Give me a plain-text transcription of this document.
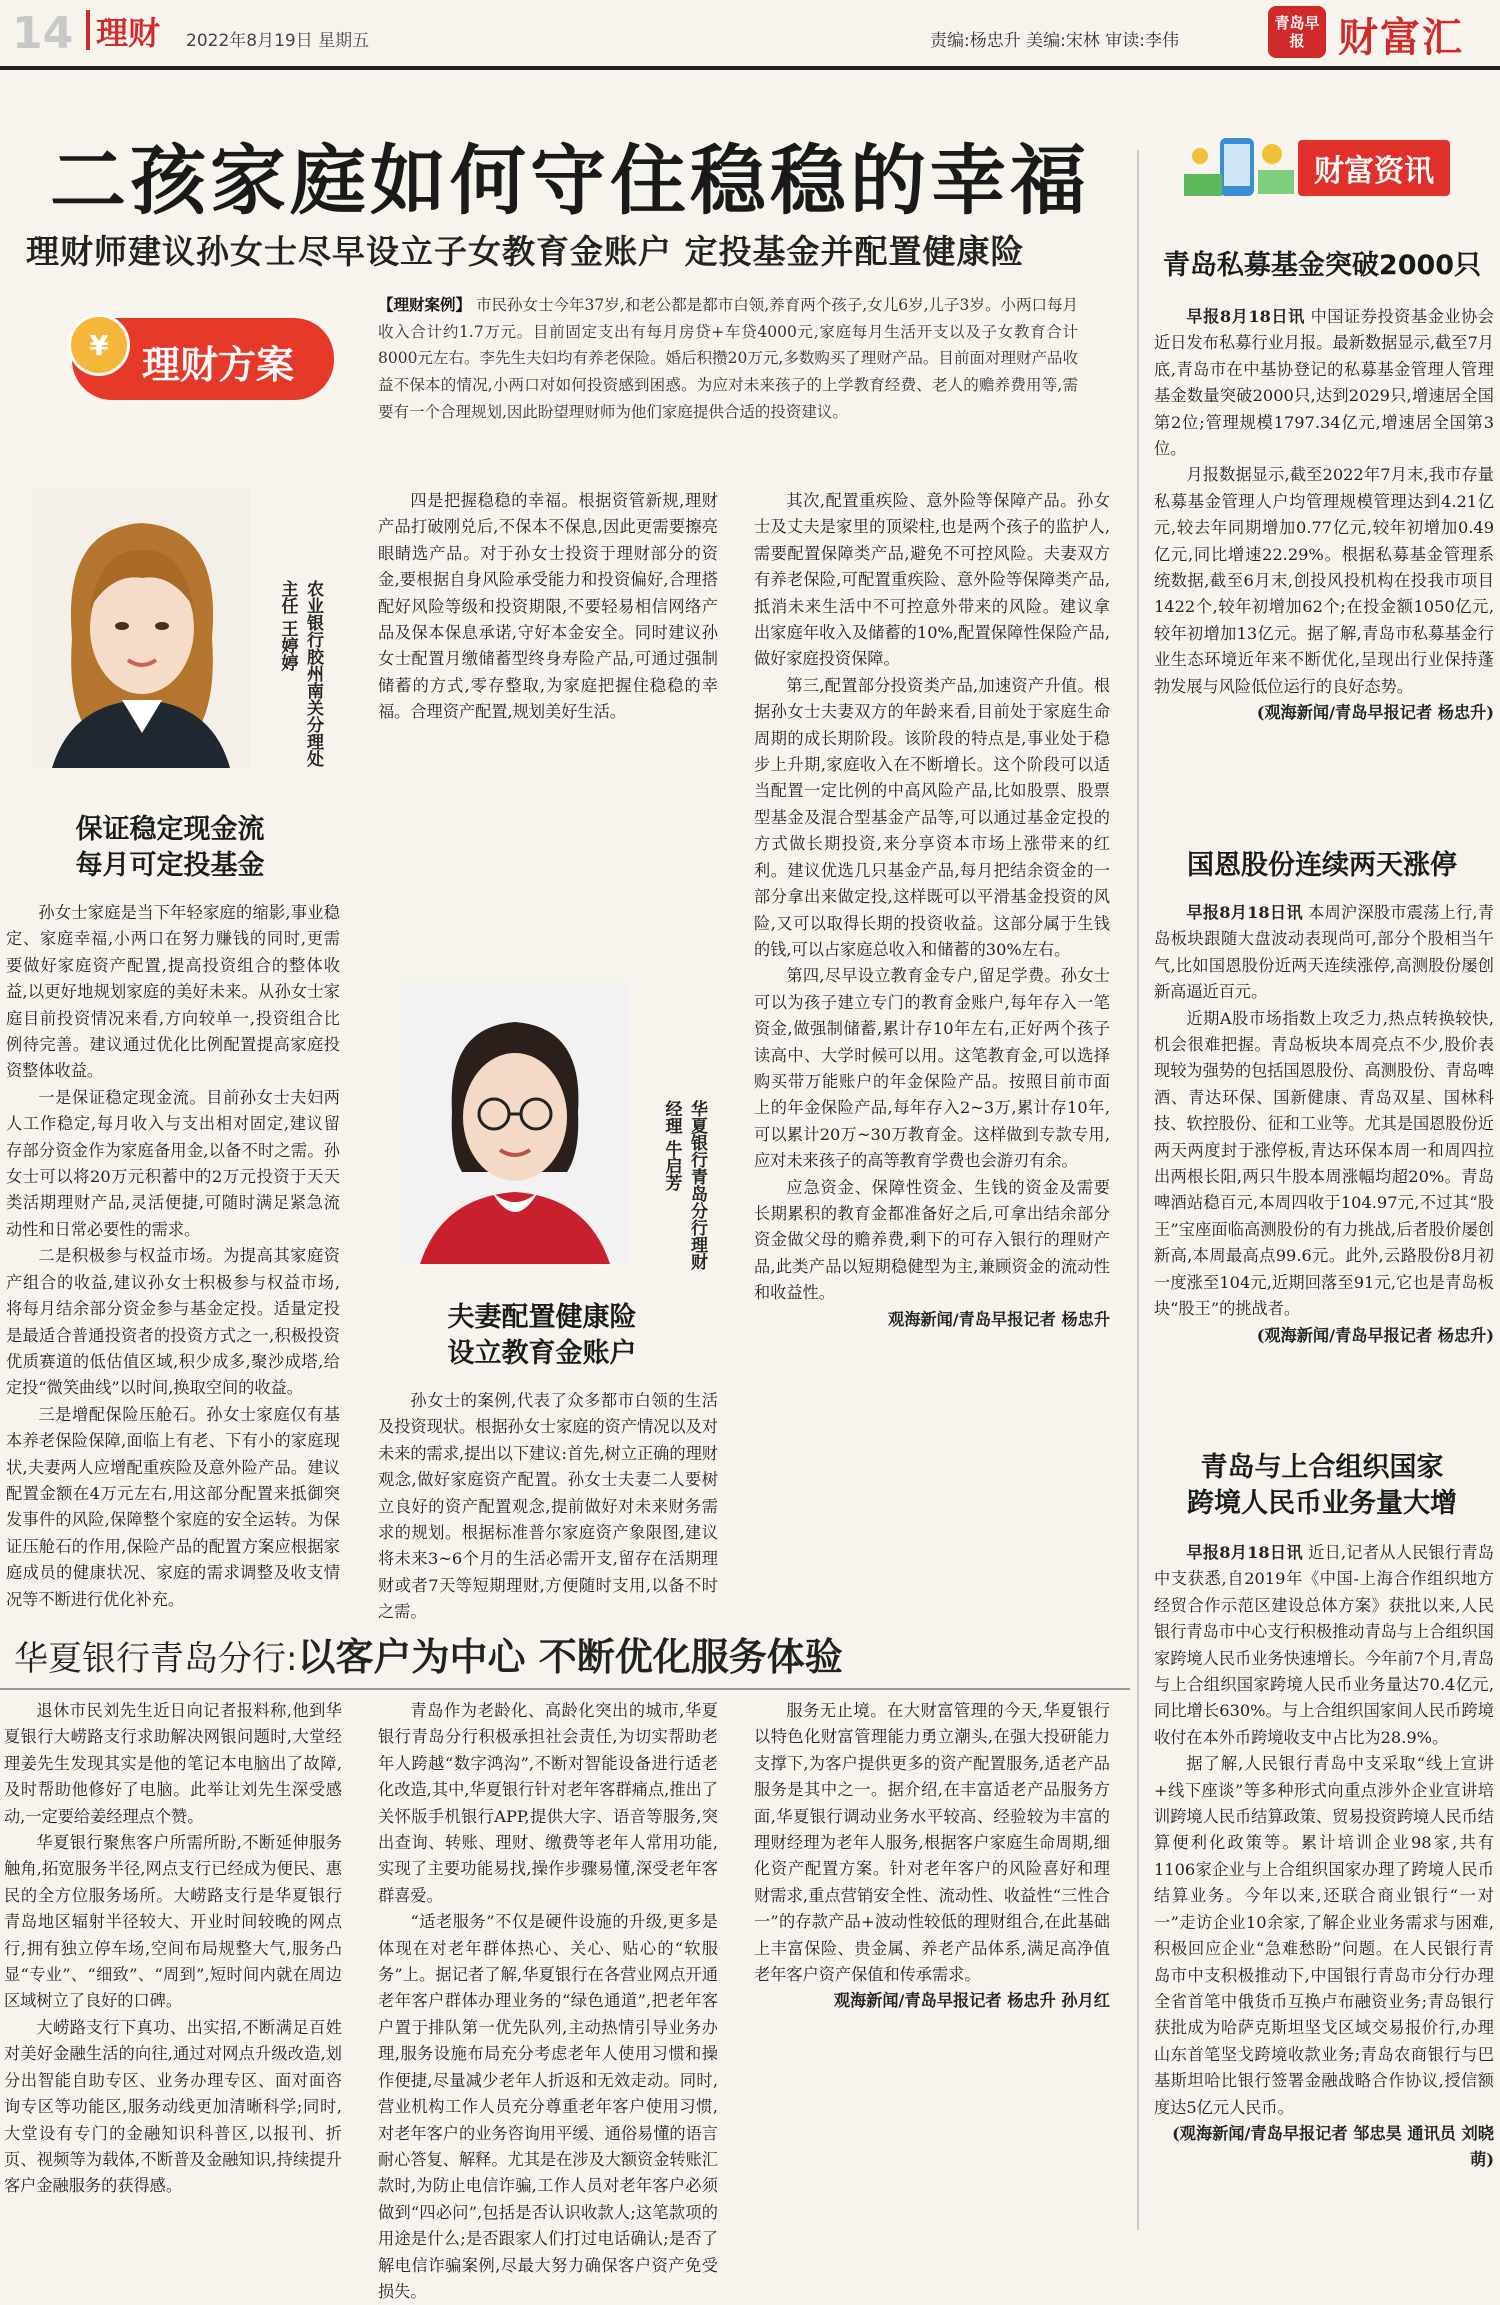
14 理财 2022年8月19日 星期五	责编:杨忠升 美编:宋林 审读:李伟
青岛早报 财富汇
二孩家庭如何守住稳稳的幸福
理财师建议孙女士尽早设立子女教育金账户 定投基金并配置健康险
¥ 理财方案
【理财案例】 市民孙女士今年37岁,和老公都是都市白领,养育两个孩子,女儿6岁,儿子3岁。小两口每月收入合计约1.7万元。目前固定支出有每月房贷+车贷4000元,家庭每月生活开支以及子女教育合计8000元左右。李先生夫妇均有养老保险。婚后积攒20万元,多数购买了理财产品。目前面对理财产品收益不保本的情况,小两口对如何投资感到困惑。为应对未来孩子的上学教育经费、老人的赡养费用等,需要有一个合理规划,因此盼望理财师为他们家庭提供合适的投资建议。
农业银行胶州南关分理处主任 王婷婷
保证稳定现金流
每月可定投基金

孙女士家庭是当下年轻家庭的缩影,事业稳定、家庭幸福,小两口在努力赚钱的同时,更需要做好家庭资产配置,提高投资组合的整体收益,以更好地规划家庭的美好未来。从孙女士家庭目前投资情况来看,方向较单一,投资组合比例待完善。建议通过优化比例配置提高家庭投资整体收益。

一是保证稳定现金流。目前孙女士夫妇两人工作稳定,每月收入与支出相对固定,建议留存部分资金作为家庭备用金,以备不时之需。孙女士可以将20万元积蓄中的2万元投资于天天类活期理财产品,灵活便捷,可随时满足紧急流动性和日常必要性的需求。

二是积极参与权益市场。为提高其家庭资产组合的收益,建议孙女士积极参与权益市场,将每月结余部分资金参与基金定投。适量定投是最适合普通投资者的投资方式之一,积极投资优质赛道的低估值区域,积少成多,聚沙成塔,给定投“微笑曲线”以时间,换取空间的收益。

三是增配保险压舱石。孙女士家庭仅有基本养老保险保障,面临上有老、下有小的家庭现状,夫妻两人应增配重疾险及意外险产品。建议配置金额在4万元左右,用这部分配置来抵御突发事件的风险,保障整个家庭的安全运转。为保证压舱石的作用,保险产品的配置方案应根据家庭成员的健康状况、家庭的需求调整及收支情况等不断进行优化补充。

四是把握稳稳的幸福。根据资管新规,理财产品打破刚兑后,不保本不保息,因此更需要擦亮眼睛选产品。对于孙女士投资于理财部分的资金,要根据自身风险承受能力和投资偏好,合理搭配好风险等级和投资期限,不要轻易相信网络产品及保本保息承诺,守好本金安全。同时建议孙女士配置月缴储蓄型终身寿险产品,可通过强制储蓄的方式,零存整取,为家庭把握住稳稳的幸福。合理资产配置,规划美好生活。

华夏银行青岛分行理财经理 牛启芳
夫妻配置健康险
设立教育金账户

孙女士的案例,代表了众多都市白领的生活及投资现状。根据孙女士家庭的资产情况以及对未来的需求,提出以下建议:首先,树立正确的理财观念,做好家庭资产配置。孙女士夫妻二人要树立良好的资产配置观念,提前做好对未来财务需求的规划。根据标准普尔家庭资产象限图,建议将未来3~6个月的生活必需开支,留存在活期理财或者7天等短期理财,方便随时支用,以备不时之需。

其次,配置重疾险、意外险等保障产品。孙女士及丈夫是家里的顶梁柱,也是两个孩子的监护人,需要配置保障类产品,避免不可控风险。夫妻双方有养老保险,可配置重疾险、意外险等保障类产品,抵消未来生活中不可控意外带来的风险。建议拿出家庭年收入及储蓄的10%,配置保障性保险产品,做好家庭投资保障。

第三,配置部分投资类产品,加速资产升值。根据孙女士夫妻双方的年龄来看,目前处于家庭生命周期的成长期阶段。该阶段的特点是,事业处于稳步上升期,家庭收入在不断增长。这个阶段可以适当配置一定比例的中高风险产品,比如股票、股票型基金及混合型基金产品等,可以通过基金定投的方式做长期投资,来分享资本市场上涨带来的红利。建议优选几只基金产品,每月把结余资金的一部分拿出来做定投,这样既可以平滑基金投资的风险,又可以取得长期的投资收益。这部分属于生钱的钱,可以占家庭总收入和储蓄的30%左右。

第四,尽早设立教育金专户,留足学费。孙女士可以为孩子建立专门的教育金账户,每年存入一笔资金,做强制储蓄,累计存10年左右,正好两个孩子读高中、大学时候可以用。这笔教育金,可以选择购买带万能账户的年金保险产品。按照目前市面上的年金保险产品,每年存入2~3万,累计存10年,可以累计20万~30万教育金。这样做到专款专用,应对未来孩子的高等教育学费也会游刃有余。

应急资金、保障性资金、生钱的资金及需要长期累积的教育金都准备好之后,可拿出结余部分资金做父母的赡养费,剩下的可存入银行的理财产品,此类产品以短期稳健型为主,兼顾资金的流动性和收益性。

观海新闻/青岛早报记者 杨忠升
华夏银行青岛分行:以客户为中心 不断优化服务体验

退休市民刘先生近日向记者报料称,他到华夏银行大崂路支行求助解决网银问题时,大堂经理姜先生发现其实是他的笔记本电脑出了故障,及时帮助他修好了电脑。此举让刘先生深受感动,一定要给姜经理点个赞。

华夏银行聚焦客户所需所盼,不断延伸服务触角,拓宽服务半径,网点支行已经成为便民、惠民的全方位服务场所。大崂路支行是华夏银行青岛地区辐射半径较大、开业时间较晚的网点行,拥有独立停车场,空间布局规整大气,服务凸显“专业”、“细致”、“周到”,短时间内就在周边区域树立了良好的口碑。

大崂路支行下真功、出实招,不断满足百姓对美好金融生活的向往,通过对网点升级改造,划分出智能自助专区、业务办理专区、面对面咨询专区等功能区,服务动线更加清晰科学;同时,大堂设有专门的金融知识科普区,以报刊、折页、视频等为载体,不断普及金融知识,持续提升客户金融服务的获得感。

青岛作为老龄化、高龄化突出的城市,华夏银行青岛分行积极承担社会责任,为切实帮助老年人跨越“数字鸿沟”,不断对智能设备进行适老化改造,其中,华夏银行针对老年客群痛点,推出了关怀版手机银行APP,提供大字、语音等服务,突出查询、转账、理财、缴费等老年人常用功能,实现了主要功能易找,操作步骤易懂,深受老年客群喜爱。

“适老服务”不仅是硬件设施的升级,更多是体现在对老年群体热心、关心、贴心的“软服务”上。据记者了解,华夏银行在各营业网点开通老年客户群体办理业务的“绿色通道”,把老年客户置于排队第一优先队列,主动热情引导业务办理,服务设施布局充分考虑老年人使用习惯和操作便捷,尽量减少老年人折返和无效走动。同时,营业机构工作人员充分尊重老年客户使用习惯,对老年客户的业务咨询用平缓、通俗易懂的语言耐心答复、解释。尤其是在涉及大额资金转账汇款时,为防止电信诈骗,工作人员对老年客户必须做到“四必问”,包括是否认识收款人;这笔款项的用途是什么;是否跟家人们打过电话确认;是否了解电信诈骗案例,尽最大努力确保客户资产免受损失。

服务无止境。在大财富管理的今天,华夏银行以特色化财富管理能力勇立潮头,在强大投研能力支撑下,为客户提供更多的资产配置服务,适老产品服务是其中之一。据介绍,在丰富适老产品服务方面,华夏银行调动业务水平较高、经验较为丰富的理财经理为老年人服务,根据客户家庭生命周期,细化资产配置方案。针对老年客户的风险喜好和理财需求,重点营销安全性、流动性、收益性“三性合一”的存款产品+波动性较低的理财组合,在此基础上丰富保险、贵金属、养老产品体系,满足高净值老年客户资产保值和传承需求。

观海新闻/青岛早报记者 杨忠升 孙月红
财富资讯
青岛私募基金突破2000只

早报8月18日讯 中国证券投资基金业协会近日发布私募行业月报。最新数据显示,截至7月底,青岛市在中基协登记的私募基金管理人管理基金数量突破2000只,达到2029只,增速居全国第2位;管理规模1797.34亿元,增速居全国第3位。

月报数据显示,截至2022年7月末,我市存量私募基金管理人户均管理规模管理达到4.21亿元,较去年同期增加0.77亿元,较年初增加0.49亿元,同比增速22.29%。根据私募基金管理系统数据,截至6月末,创投风投机构在投我市项目1422个,较年初增加62个;在投金额1050亿元,较年初增加13亿元。据了解,青岛市私募基金行业生态环境近年来不断优化,呈现出行业保持蓬勃发展与风险低位运行的良好态势。

(观海新闻/青岛早报记者 杨忠升)
国恩股份连续两天涨停

早报8月18日讯 本周沪深股市震荡上行,青岛板块跟随大盘波动表现尚可,部分个股相当午气,比如国恩股份近两天连续涨停,高测股份屡创新高逼近百元。

近期A股市场指数上攻乏力,热点转换较快,机会很难把握。青岛板块本周亮点不少,股价表现较为强势的包括国恩股份、高测股份、青岛啤酒、青达环保、国新健康、青岛双星、国林科技、软控股份、征和工业等。尤其是国恩股份近两天两度封于涨停板,青达环保本周一和周四拉出两根长阳,两只牛股本周涨幅均超20%。青岛啤酒站稳百元,本周四收于104.97元,不过其“股王”宝座面临高测股份的有力挑战,后者股价屡创新高,本周最高点99.6元。此外,云路股份8月初一度涨至104元,近期回落至91元,它也是青岛板块“股王”的挑战者。

(观海新闻/青岛早报记者 杨忠升)
青岛与上合组织国家
跨境人民币业务量大增

早报8月18日讯 近日,记者从人民银行青岛中支获悉,自2019年《中国-上海合作组织地方经贸合作示范区建设总体方案》获批以来,人民银行青岛市中心支行积极推动青岛与上合组织国家跨境人民币业务快速增长。今年前7个月,青岛与上合组织国家跨境人民币业务量达70.4亿元,同比增长630%。与上合组织国家间人民币跨境收付在本外币跨境收支中占比为28.9%。

据了解,人民银行青岛中支采取“线上宣讲+线下座谈”等多种形式向重点涉外企业宣讲培训跨境人民币结算政策、贸易投资跨境人民币结算便利化政策等。累计培训企业98家,共有1106家企业与上合组织国家办理了跨境人民币结算业务。今年以来,还联合商业银行“一对一”走访企业10余家,了解企业业务需求与困难,积极回应企业“急难愁盼”问题。在人民银行青岛市中支积极推动下,中国银行青岛市分行办理全省首笔中俄货币互换卢布融资业务;青岛银行获批成为哈萨克斯坦坚戈区域交易报价行,办理山东首笔坚戈跨境收款业务;青岛农商银行与巴基斯坦哈比银行签署金融战略合作协议,授信额度达5亿元人民币。

(观海新闻/青岛早报记者 邹忠昊 通讯员 刘晓萌)
